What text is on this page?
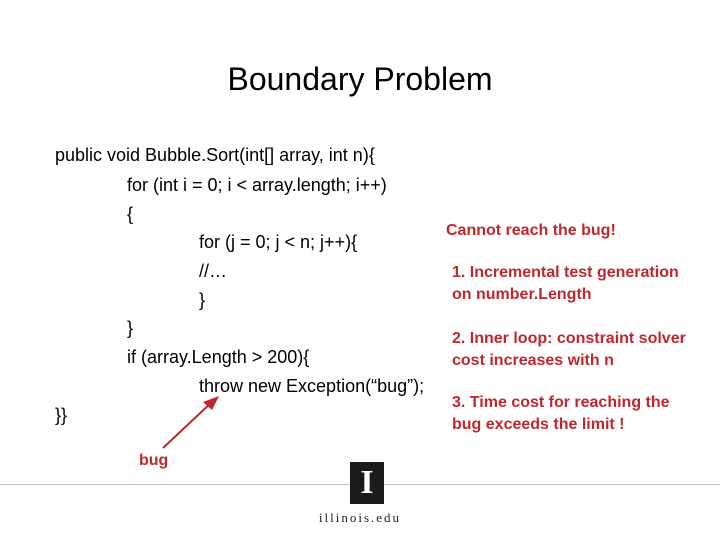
Boundary Problem
public void Bubble.Sort(int[] array, int n){
for (int i = 0; i < array.length; i++)
{
for (j = 0; j < n; j++){
//…
}
}
if (array.Length > 200){
throw new Exception(“bug”);
}}
Cannot reach the bug!
1. Incremental test generation
on number.Length
2. Inner loop: constraint solver
cost increases with n
3. Time cost for reaching the
bug exceeds the limit !
bug
I
illinois.edu
